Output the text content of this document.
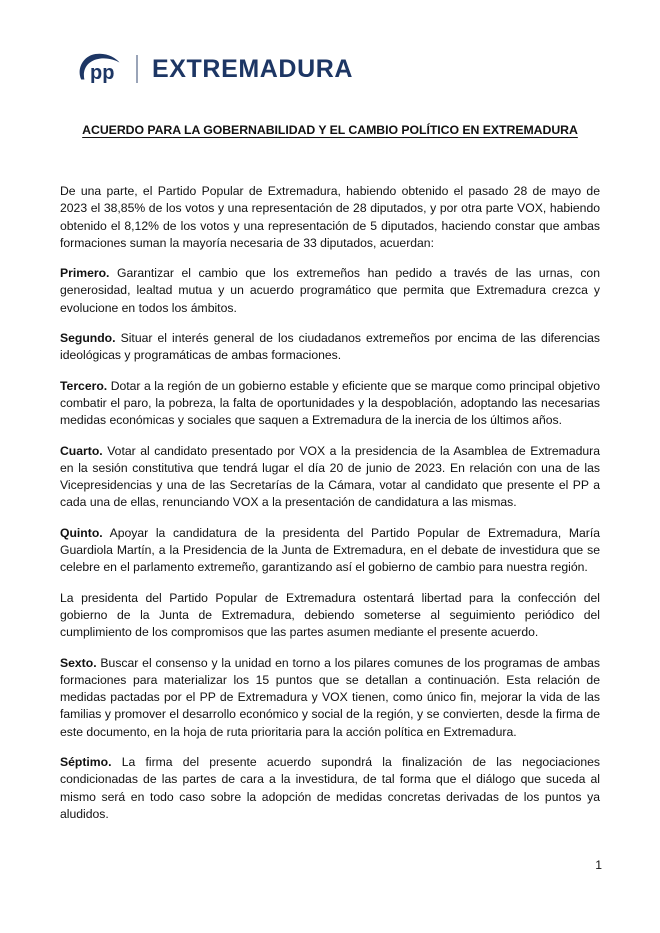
pp EXTREMADURA
ACUERDO PARA LA GOBERNABILIDAD Y EL CAMBIO POLÍTICO EN EXTREMADURA

De una parte, el Partido Popular de Extremadura, habiendo obtenido el pasado 28 de mayo de 2023 el 38,85% de los votos y una representación de 28 diputados, y por otra parte VOX, habiendo obtenido el 8,12% de los votos y una representación de 5 diputados, haciendo constar que ambas formaciones suman la mayoría necesaria de 33 diputados, acuerdan:

Primero. Garantizar el cambio que los extremeños han pedido a través de las urnas, con generosidad, lealtad mutua y un acuerdo programático que permita que Extremadura crezca y evolucione en todos los ámbitos.

Segundo. Situar el interés general de los ciudadanos extremeños por encima de las diferencias ideológicas y programáticas de ambas formaciones.

Tercero. Dotar a la región de un gobierno estable y eficiente que se marque como principal objetivo combatir el paro, la pobreza, la falta de oportunidades y la despoblación, adoptando las necesarias medidas económicas y sociales que saquen a Extremadura de la inercia de los últimos años.

Cuarto. Votar al candidato presentado por VOX a la presidencia de la Asamblea de Extremadura en la sesión constitutiva que tendrá lugar el día 20 de junio de 2023. En relación con una de las Vicepresidencias y una de las Secretarías de la Cámara, votar al candidato que presente el PP a cada una de ellas, renunciando VOX a la presentación de candidatura a las mismas.

Quinto. Apoyar la candidatura de la presidenta del Partido Popular de Extremadura, María Guardiola Martín, a la Presidencia de la Junta de Extremadura, en el debate de investidura que se celebre en el parlamento extremeño, garantizando así el gobierno de cambio para nuestra región.

La presidenta del Partido Popular de Extremadura ostentará libertad para la confección del gobierno de la Junta de Extremadura, debiendo someterse al seguimiento periódico del cumplimiento de los compromisos que las partes asumen mediante el presente acuerdo.

Sexto. Buscar el consenso y la unidad en torno a los pilares comunes de los programas de ambas formaciones para materializar los 15 puntos que se detallan a continuación. Esta relación de medidas pactadas por el PP de Extremadura y VOX tienen, como único fin, mejorar la vida de las familias y promover el desarrollo económico y social de la región, y se convierten, desde la firma de este documento, en la hoja de ruta prioritaria para la acción política en Extremadura.

Séptimo. La firma del presente acuerdo supondrá la finalización de las negociaciones condicionadas de las partes de cara a la investidura, de tal forma que el diálogo que suceda al mismo será en todo caso sobre la adopción de medidas concretas derivadas de los puntos ya aludidos.

1
